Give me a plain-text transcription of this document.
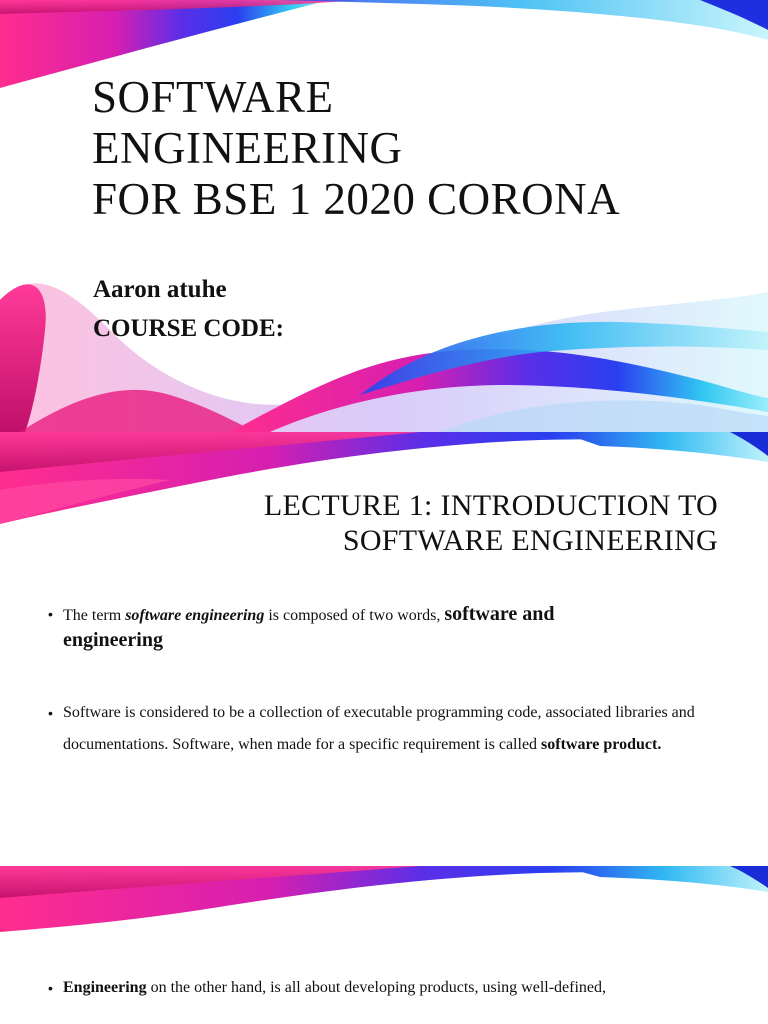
SOFTWARE
ENGINEERING
FOR BSE 1 2020 CORONA
Aaron atuhe
COURSE CODE:
LECTURE 1: INTRODUCTION TO
SOFTWARE ENGINEERING
• The term software engineering is composed of two words, software and
engineering
• Software is considered to be a collection of executable programming code, associated libraries and documentations. Software, when made for a specific requirement is called software product.
• Engineering on the other hand, is all about developing products, using well-defined,
